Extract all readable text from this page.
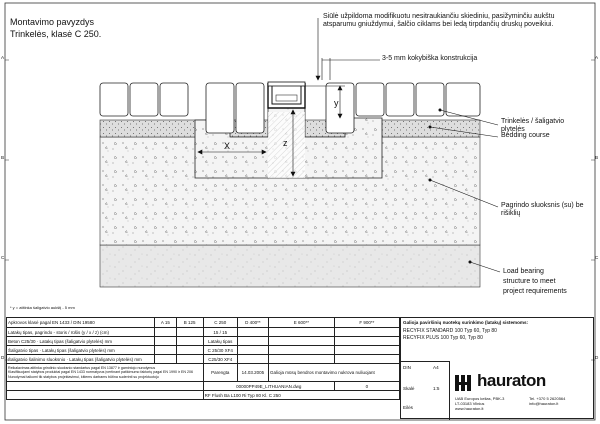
A
B
C
D
A
B
C
D
Montavimo pavyzdys
Trinkelės, klasė C 250.
Siūlė užpildoma modifikuotu nesitraukiančiu skiediniu, pasižyminčiu aukštu atsparumu gniuždymui, šalčio ciklams bei ledą tirpdančių druskų poveikiui.
3-5 mm kokybiška konstrukcija
Trinkelės / šaligatvio plytelės
Bedding course
Pagrindo sluoksnis (su) be rišiklių
Load bearing
structure to meet
project requirements
X	z
y
* y = atitinka šaligatvio aukštį - 5 mm
Apkrovos klasė pagal EN 1433 / DIN 19580	A 15	B 125	C 250	D 400**	E 600**	F 900**
Latakų tipas, pagrindo - storis / rūšis (y / x / z) (cm)			15 / 15			
Beton C25/30 · Latakų tipas (šaligatvio plytelės) mm			Latakų tipas			
Šaligatvio tipas · Latakų tipas (šaligatvio plytelės) mm			C 25/30 XF4			
Šaligatvio šalinimo sluoksnio · Latakų tipas (šaligatvio plytelės) mm			C25/30 XF4			

Reikalavimas atitinka grindinio sluoksnio standartus pagal EN 13877 ir gamintojo nurodymus
Klasifikuojami statybos produktai pagal EN 1433 normatyvus įvertinant patikimumo faktorių pagal EN 1990 ir EN 206
Nurodymai taikomi tik statybos projektavimui, kitiems darbams būtina suderinti su projektuotoju			Parengta	14.03.2005	Galioja mūsų bendros montavimo nukrova nuliuojant	
			00000PP49E_LITHUANIAN.dwg			0
			RF Flush Ba L100 Ri Typ 80 Kl. C 250			
Galioja paviršinių nuotekų surinkimo (latakų) sistemoms:
RECYFIX STANDARD 100 Typ 60, Typ 80
RECYFIX PLUS 100 Typ 60, Typ 80
DIN	A4
Skalė	1:5
Eilės
hauraton
UAB Europos kelias, PBK-3
LT-03183 Vilnius
www.hauraton.lt
Tel. +370 5 2620564
info@hauraton.lt
